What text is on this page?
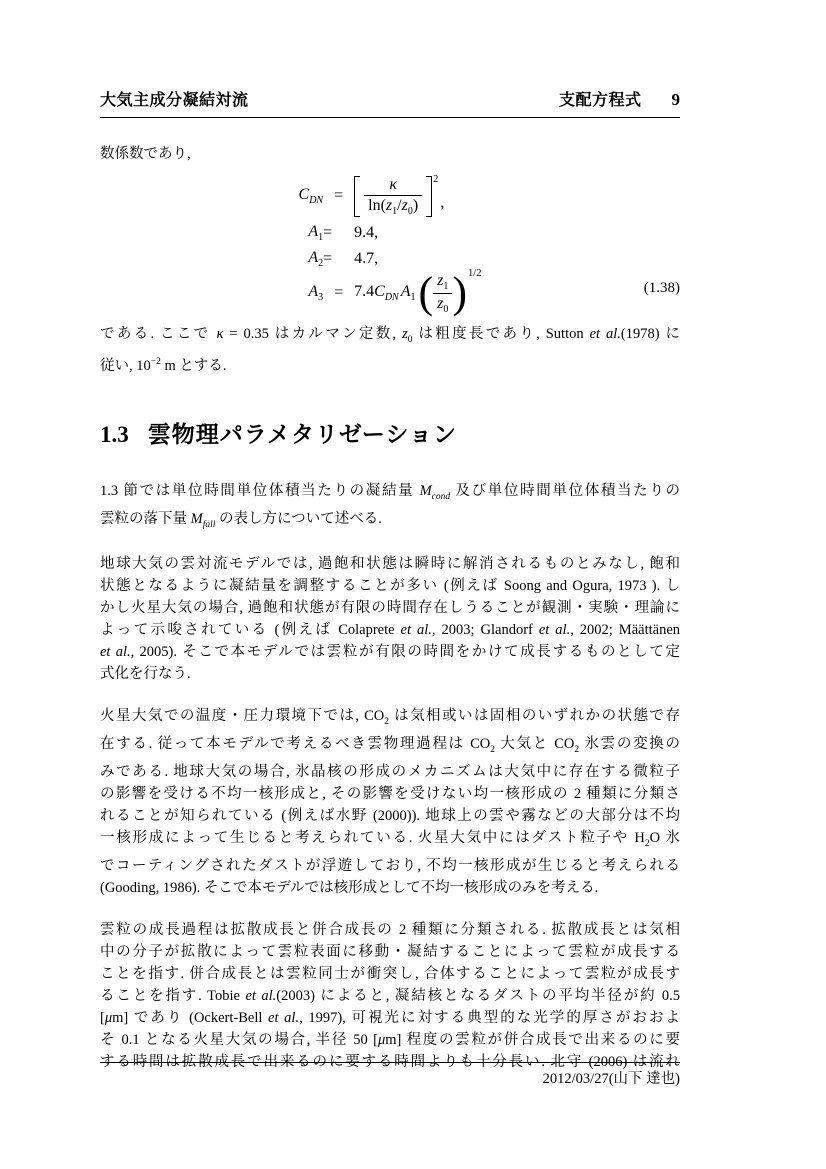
大気主成分凝結対流	支配方程式 9
数係数であり,
$C_{DN}$ =	$\frac{\kappa}{\ln(z_1/z_0)} 2$
,
$A_1$ =	9.4,
$A_2$ =	4.7,
$A_3 = 7.4C_{DN}$ $A_1$ ( $\frac{z_1}{z_0}$ ) 1/2
(1.38)
である. ここで κ = 0.35 はカルマン定数, $z_0$ は粗度長であり, Sutton et al.(1978) に
従い, $10^{-2}$ m とする.
1.3 雲物理パラメタリゼーション
1.3 節では単位時間単位体積当たりの凝結量 $M_{cond}$ 及び単位時間単位体積当たりの
雲粒の落下量 $M_{fall}$ の表し方について述べる.
地球大気の雲対流モデルでは, 過飽和状態は瞬時に解消されるものとみなし, 飽和
状態となるように凝結量を調整することが多い (例えば Soong and Ogura, 1973 ). し
かし火星大気の場合, 過飽和状態が有限の時間存在しうることが観測・実験・理論に
よって示唆されている (例えば Colaprete et al., 2003; Glandorf et al., 2002; Määttänen
et al., 2005). そこで本モデルでは雲粒が有限の時間をかけて成長するものとして定
式化を行なう.
火星大気での温度・圧力環境下では, $CO_2$ は気相或いは固相のいずれかの状態で存
在する. 従って本モデルで考えるべき雲物理過程は $CO_2$ 大気と $CO_2$ 氷雲の変換の
みである. 地球大気の場合, 氷晶核の形成のメカニズムは大気中に存在する微粒子
の影響を受ける不均一核形成と, その影響を受けない均一核形成の 2 種類に分類さ
れることが知られている (例えば水野 (2000)). 地球上の雲や霧などの大部分は不均
一核形成によって生じると考えられている. 火星大気中にはダスト粒子や $H_2O$ 氷
でコーティングされたダストが浮遊しており, 不均一核形成が生じると考えられる
(Gooding, 1986). そこで本モデルでは核形成として不均一核形成のみを考える.
雲粒の成長過程は拡散成長と併合成長の 2 種類に分類される. 拡散成長とは気相
中の分子が拡散によって雲粒表面に移動・凝結することによって雲粒が成長する
ことを指す. 併合成長とは雲粒同士が衝突し, 合体することによって雲粒が成長す
ることを指す. Tobie et al.(2003) によると, 凝結核となるダストの平均半径が約 0.5
[μm] であり (Ockert-Bell et al., 1997), 可視光に対する典型的な光学的厚さがおおよ
そ 0.1 となる火星大気の場合, 半径 50 [μm] 程度の雲粒が併合成長で出来るのに要
する時間は拡散成長で出来るのに要する時間よりも十分長い. 北守 (2006) は流れ
2012/03/27(山下 達也)
